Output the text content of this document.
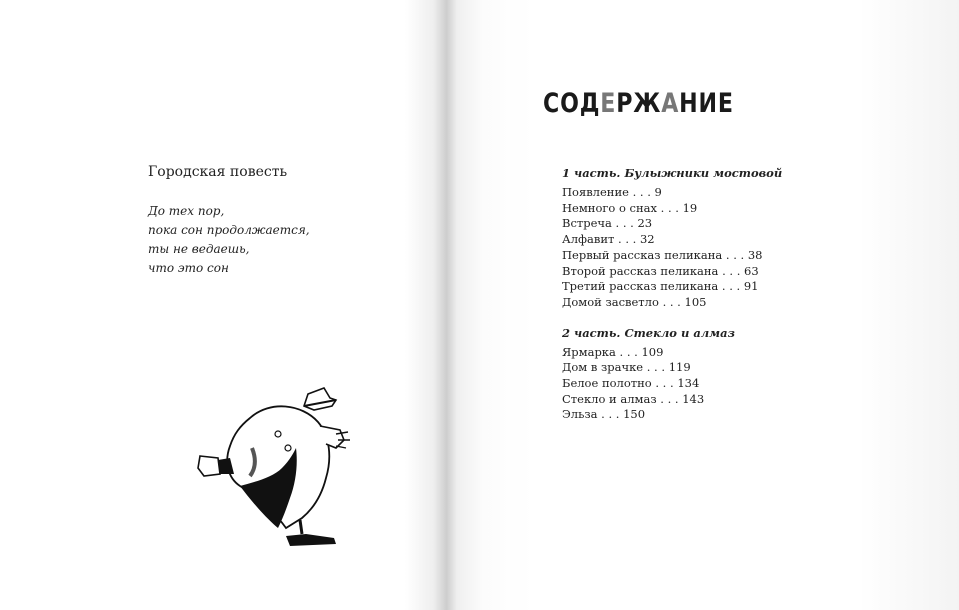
Городская повесть
До тех пор,
пока сон продолжается,
ты не ведаешь,
что это сон
СОДЕРЖАНИЕ
1 часть. Булыжники мостовой
Появление . . . 9
Немного о снах . . . 19
Встреча . . . 23
Алфавит . . . 32
Первый рассказ пеликана . . . 38
Второй рассказ пеликана . . . 63
Третий рассказ пеликана . . . 91
Домой засветло . . . 105
2 часть. Стекло и алмаз
Ярмарка . . . 109
Дом в зрачке . . . 119
Белое полотно . . . 134
Стекло и алмаз . . . 143
Эльза . . . 150
